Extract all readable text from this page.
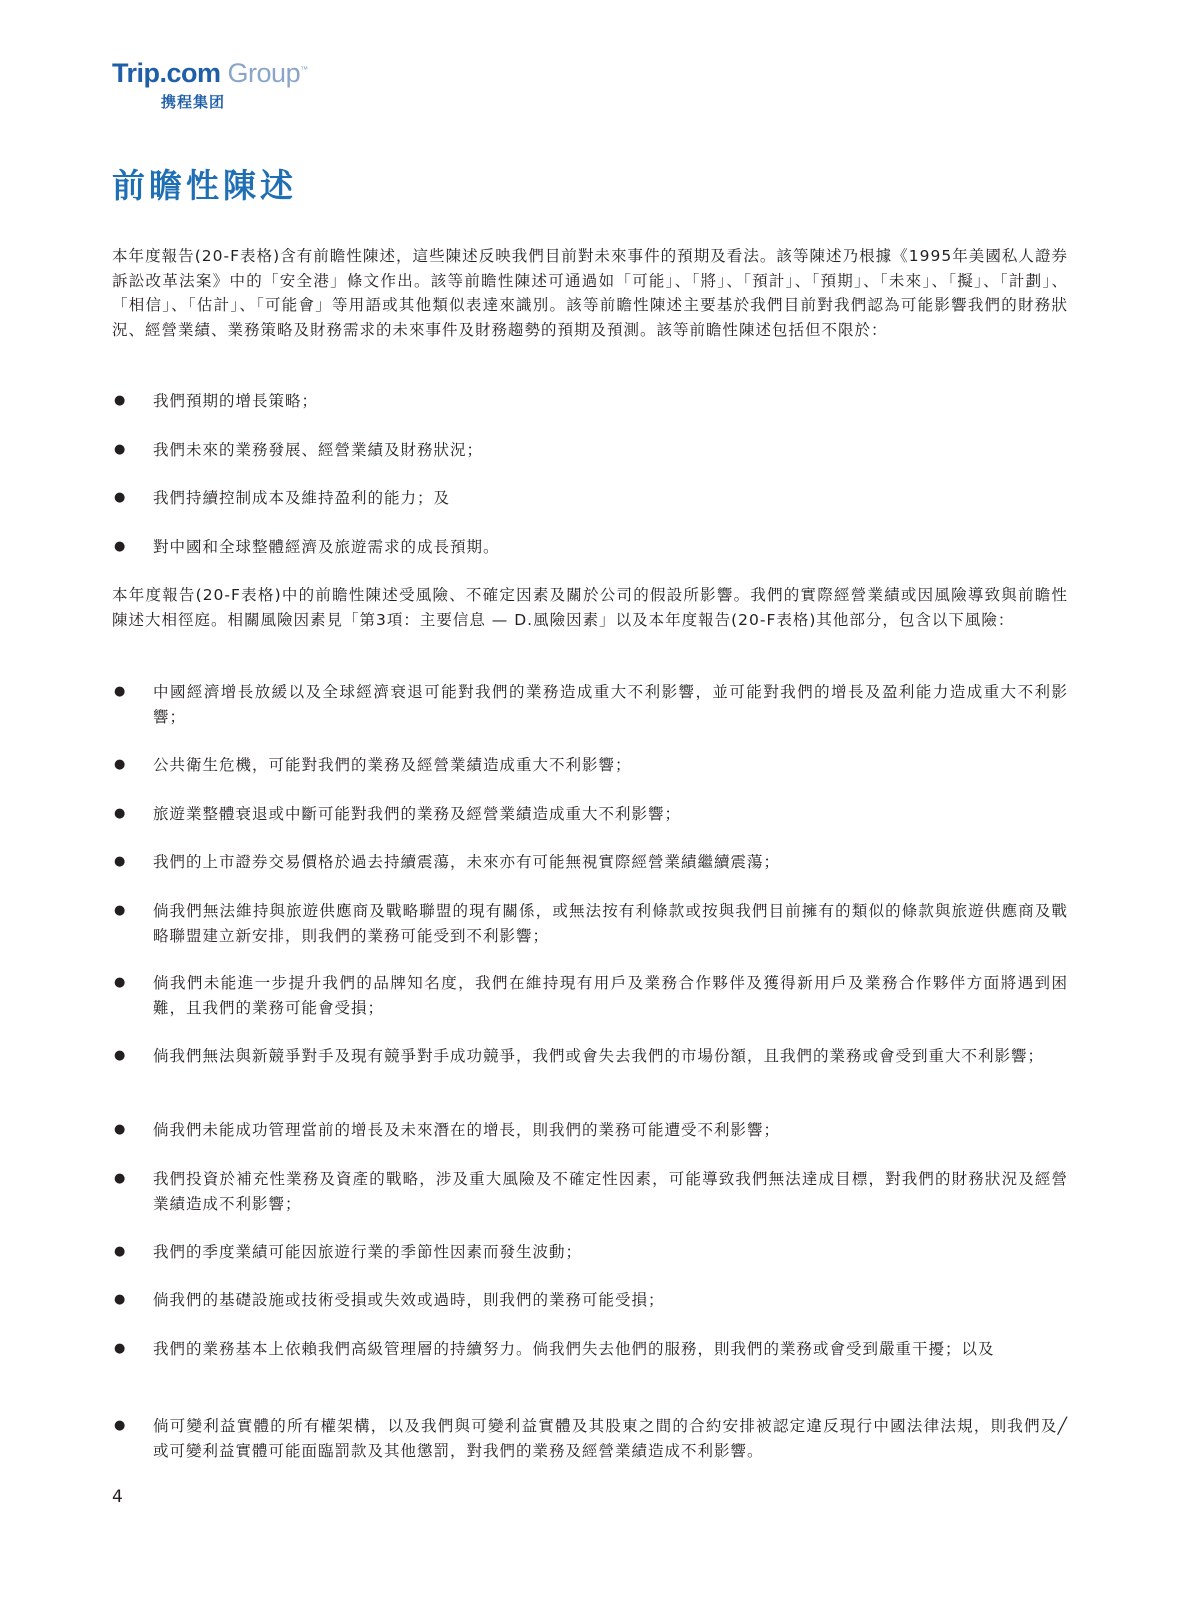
Trip.com Group™
携程集团
前瞻性陳述

本年度報告(20-F表格)含有前瞻性陳述，這些陳述反映我們目前對未來事件的預期及看法。該等陳述乃根據《1995年美國私人證券訴訟改革法案》中的「安全港」條文作出。該等前瞻性陳述可通過如「可能」、「將」、「預計」、「預期」、「未來」、「擬」、「計劃」、「相信」、「估計」、「可能會」等用語或其他類似表達來識別。該等前瞻性陳述主要基於我們目前對我們認為可能影響我們的財務狀況、經營業績、業務策略及財務需求的未來事件及財務趨勢的預期及預測。該等前瞻性陳述包括但不限於：

● 我們預期的增長策略；

● 我們未來的業務發展、經營業績及財務狀況；

● 我們持續控制成本及維持盈利的能力；及

● 對中國和全球整體經濟及旅遊需求的成長預期。

本年度報告(20-F表格)中的前瞻性陳述受風險、不確定因素及關於公司的假設所影響。我們的實際經營業績或因風險導致與前瞻性陳述大相徑庭。相關風險因素見「第3項：主要信息 — D.風險因素」以及本年度報告(20-F表格)其他部分，包含以下風險：

● 中國經濟增長放緩以及全球經濟衰退可能對我們的業務造成重大不利影響，並可能對我們的增長及盈利能力造成重大不利影響；

● 公共衛生危機，可能對我們的業務及經營業績造成重大不利影響；

● 旅遊業整體衰退或中斷可能對我們的業務及經營業績造成重大不利影響；

● 我們的上市證券交易價格於過去持續震蕩，未來亦有可能無視實際經營業績繼續震蕩；

● 倘我們無法維持與旅遊供應商及戰略聯盟的現有關係，或無法按有利條款或按與我們目前擁有的類似的條款與旅遊供應商及戰略聯盟建立新安排，則我們的業務可能受到不利影響；

● 倘我們未能進一步提升我們的品牌知名度，我們在維持現有用戶及業務合作夥伴及獲得新用戶及業務合作夥伴方面將遇到困難，且我們的業務可能會受損；

● 倘我們無法與新競爭對手及現有競爭對手成功競爭，我們或會失去我們的市場份額，且我們的業務或會受到重大不利影響；

● 倘我們未能成功管理當前的增長及未來潛在的增長，則我們的業務可能遭受不利影響；

● 我們投資於補充性業務及資產的戰略，涉及重大風險及不確定性因素，可能導致我們無法達成目標，對我們的財務狀況及經營業績造成不利影響；

● 我們的季度業績可能因旅遊行業的季節性因素而發生波動；

● 倘我們的基礎設施或技術受損或失效或過時，則我們的業務可能受損；

● 我們的業務基本上依賴我們高級管理層的持續努力。倘我們失去他們的服務，則我們的業務或會受到嚴重干擾；以及

● 倘可變利益實體的所有權架構，以及我們與可變利益實體及其股東之間的合約安排被認定違反現行中國法律法規，則我們及╱或可變利益實體可能面臨罰款及其他懲罰，對我們的業務及經營業績造成不利影響。

4
